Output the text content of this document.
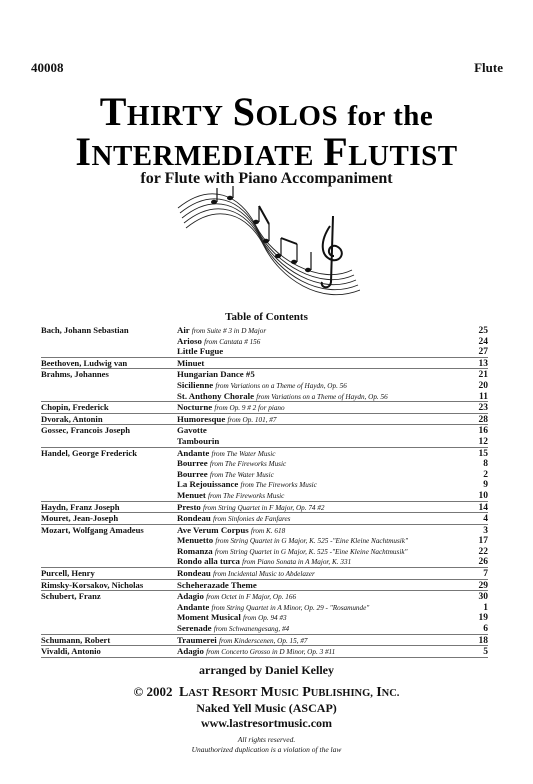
40008	Flute
THIRTY SOLOS for the
INTERMEDIATE FLUTIST
for Flute with Piano Accompaniment
Table of Contents
Bach, Johann Sebastian	Air from Suite # 3 in D Major	25
Arioso from Cantata # 156	24
Little Fugue	27
Beethoven, Ludwig van	Minuet	13
Brahms, Johannes	Hungarian Dance #5	21
Sicilienne from Variations on a Theme of Haydn, Op. 56	20
St. Anthony Chorale from Variations on a Theme of Haydn, Op. 56	11
Chopin, Frederick	Nocturne from Op. 9 # 2 for piano	23
Dvorak, Antonin	Humoresque from Op. 101, #7	28
Gossec, Francois Joseph	Gavotte	16
Tambourin	12
Handel, George Frederick	Andante from The Water Music	15
Bourree from The Fireworks Music	8
Bourree from The Water Music	2
La Rejouissance from The Fireworks Music	9
Menuet from The Fireworks Music	10
Haydn, Franz Joseph	Presto from String Quartet in F Major, Op. 74 #2	14
Mouret, Jean-Joseph	Rondeau from Sinfonies de Fanfares	4
Mozart, Wolfgang Amadeus	Ave Verum Corpus from K. 618	3
Menuetto from String Quartet in G Major, K. 525 -"Eine Kleine Nachtmusik"	17
Romanza from String Quartet in G Major, K. 525 -"Eine Kleine Nachtmusik"	22
Rondo alla turca from Piano Sonata in A Major, K. 331	26
Purcell, Henry	Rondeau from Incidental Music to Abdelazer	7
Rimsky-Korsakov, Nicholas	Scheherazade Theme	29
Schubert, Franz	Adagio from Octet in F Major, Op. 166	30
Andante from String Quartet in A Minor, Op. 29 - "Rosamunde"	1
Moment Musical from Op. 94 #3	19
Serenade from Schwanengesang, #4	6
Schumann, Robert	Traumerei from Kinderscenen, Op. 15, #7	18
Vivaldi, Antonio	Adagio from Concerto Grosso in D Minor, Op. 3 #11	5
arranged by Daniel Kelley
© 2002 LAST RESORT MUSIC PUBLISHING, INC.
Naked Yell Music (ASCAP)
www.lastresortmusic.com
All rights reserved.
Unauthorized duplication is a violation of the law
